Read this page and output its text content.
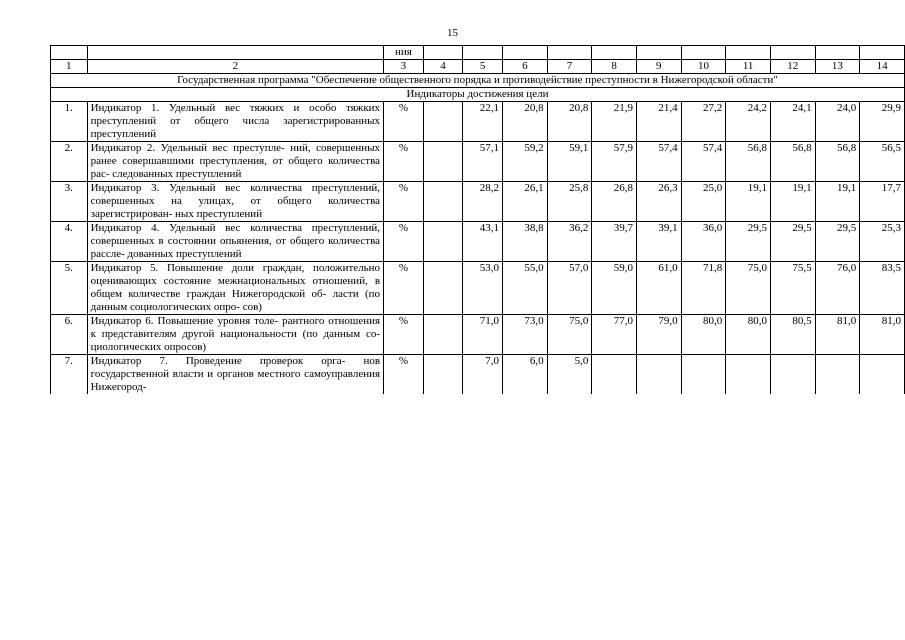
15
		ния											
1	2	3	4	5	6	7	8	9	10	11	12	13	14
Государственная программа "Обеспечение общественного порядка и противодействие преступности в Нижегородской области"													
Индикаторы достижения цели													
1.	Индикатор 1. Удельный вес тяжких и особо тяжких преступлений от общего числа зарегистрированных преступлений	%		22,1	20,8	20,8	21,9	21,4	27,2	24,2	24,1	24,0	29,9
2.	Индикатор 2. Удельный вес преступле- ний, совершенных ранее совершавшими преступления, от общего количества рас- следованных преступлений	%		57,1	59,2	59,1	57,9	57,4	57,4	56,8	56,8	56,8	56,5
3.	Индикатор 3. Удельный вес количества преступлений, совершенных на улицах, от общего количества зарегистрирован- ных преступлений	%		28,2	26,1	25,8	26,8	26,3	25,0	19,1	19,1	19,1	17,7
4.	Индикатор 4. Удельный вес количества преступлений, совершенных в состоянии опьянения, от общего количества рассле- дованных преступлений	%		43,1	38,8	36,2	39,7	39,1	36,0	29,5	29,5	29,5	25,3
5.	Индикатор 5. Повышение доли граждан, положительно оценивающих состояние межнациональных отношений, в общем количестве граждан Нижегородской об- ласти (по данным социологических опро- сов)	%		53,0	55,0	57,0	59,0	61,0	71,8	75,0	75,5	76,0	83,5
6.	Индикатор 6. Повышение уровня толе- рантного отношения к представителям другой национальности (по данным со- циологических опросов)	%		71,0	73,0	75,0	77,0	79,0	80,0	80,0	80,5	81,0	81,0
7.	Индикатор 7. Проведение проверок орга- нов государственной власти и органов местного самоуправления Нижегород-	%		7,0	6,0	5,0							
